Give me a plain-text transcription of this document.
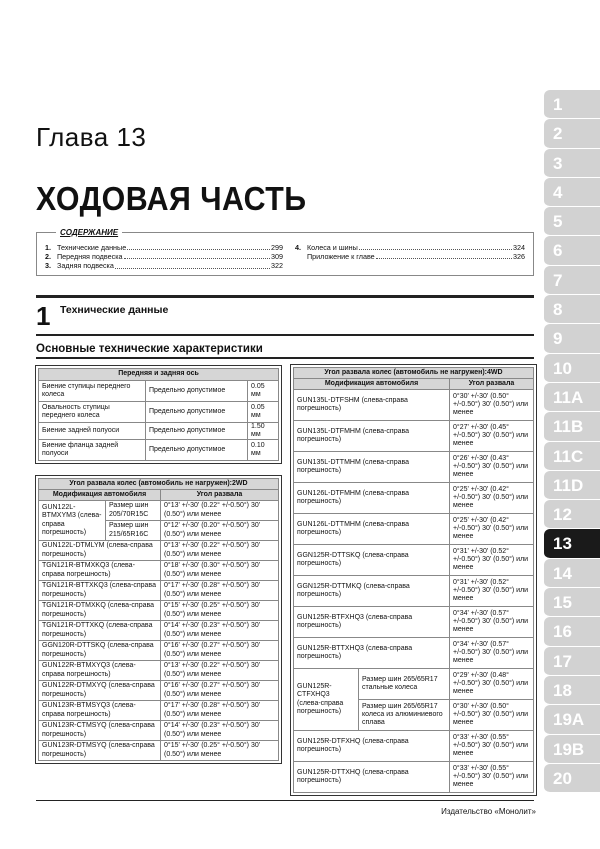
Глава 13
ХОДОВАЯ ЧАСТЬ
1. Технические данные	299
2. Передняя подвеска	309
3. Задняя подвеска	322
4. Колеса и шины	324
Приложение к главе	326
СОДЕРЖАНИЕ
1 Технические данные
Основные технические характеристики
Передняя и задняя ось		
Биение ступицы переднего колеса	Предельно допустимое	0.05 мм
Овальность ступицы переднего колеса	Предельно допустимое	0.05 мм
Биение задней полуоси	Предельно допустимое	1.50 мм
Биение фланца задней полуоси	Предельно допустимое	0.10 мм
Угол развала колес (автомобиль не нагружен):2WD		
Модификация автомобиля		Угол развала
GUN122L-BTMXYM3 (слева-справа погрешность)	Размер шин 205/70R15C	0°13' +/-30' (0.22° +/-0.50°) 30' (0.50°) или менее
	Размер шин 215/65R16C	0°12' +/-30' (0.20° +/-0.50°) 30' (0.50°) или менее
GUN122L-DTMLYM (слева-справа погрешность)		0°13' +/-30' (0.22° +/-0.50°) 30' (0.50°) или менее
TGN121R-BTMXKQ3 (слева-справа погрешность)		0°18' +/-30' (0.30° +/-0.50°) 30' (0.50°) или менее
TGN121R-BTTXKQ3 (слева-справа погрешность)		0°17' +/-30' (0.28° +/-0.50°) 30' (0.50°) или менее
TGN121R-DTMXKQ (слева-справа погрешность)		0°15' +/-30' (0.25° +/-0.50°) 30' (0.50°) или менее
TGN121R-DTTXKQ (слева-справа погрешность)		0°14' +/-30' (0.23° +/-0.50°) 30' (0.50°) или менее
GGN120R-DTTSKQ (слева-справа погрешность)		0°16' +/-30' (0.27° +/-0.50°) 30' (0.50°) или менее
GUN122R-BTMXYQ3 (слева-справа погрешность)		0°13' +/-30' (0.22° +/-0.50°) 30' (0.50°) или менее
GUN122R-DTMXYQ (слева-справа погрешность)		0°16' +/-30' (0.27° +/-0.50°) 30' (0.50°) или менее
GUN123R-BTMSYQ3 (слева-справа погрешность)		0°17' +/-30' (0.28° +/-0.50°) 30' (0.50°) или менее
GUN123R-CTMSYQ (слева-справа погрешность)		0°14' +/-30' (0.23° +/-0.50°) 30' (0.50°) или менее
GUN123R-DTMSYQ (слева-справа погрешность)		0°15' +/-30' (0.25° +/-0.50°) 30' (0.50°) или менее
Угол развала колес (автомобиль не нагружен):4WD		
Модификация автомобиля		Угол развала
GUN135L-DTFSHM (слева-справа погрешность)		0°30' +/-30' (0.50° +/-0.50°) 30' (0.50°) или менее
GUN135L-DTFMHM (слева-справа погрешность)		0°27' +/-30' (0.45° +/-0.50°) 30' (0.50°) или менее
GUN135L-DTTMHM (слева-справа погрешность)		0°26' +/-30' (0.43° +/-0.50°) 30' (0.50°) или менее
GUN126L-DTFMHM (слева-справа погрешность)		0°25' +/-30' (0.42° +/-0.50°) 30' (0.50°) или менее
GUN126L-DTTMHM (слева-справа погрешность)		0°25' +/-30' (0.42° +/-0.50°) 30' (0.50°) или менее
GGN125R-DTTSKQ (слева-справа погрешность)		0°31' +/-30' (0.52° +/-0.50°) 30' (0.50°) или менее
GGN125R-DTTMKQ (слева-справа погрешность)		0°31' +/-30' (0.52° +/-0.50°) 30' (0.50°) или менее
GUN125R-BTFXHQ3 (слева-справа погрешность)		0°34' +/-30' (0.57° +/-0.50°) 30' (0.50°) или менее
GUN125R-BTTXHQ3 (слева-справа погрешность)		0°34' +/-30' (0.57° +/-0.50°) 30' (0.50°) или менее
GUN125R-CTFXHQ3 (слева-справа погрешность)	Размер шин 265/65R17 стальные колеса	0°29' +/-30' (0.48° +/-0.50°) 30' (0.50°) или менее
	Размер шин 265/65R17 колеса из алюминиевого сплава	0°30' +/-30' (0.50° +/-0.50°) 30' (0.50°) или менее
GUN125R-DTFXHQ (слева-справа погрешность)		0°33' +/-30' (0.55° +/-0.50°) 30' (0.50°) или менее
GUN125R-DTTXHQ (слева-справа погрешность)		0°33' +/-30' (0.55° +/-0.50°) 30' (0.50°) или менее
1
2
3
4
5
6
7
8
9
10
11A
11B
11C
11D
12
13
14
15
16
17
18
19A
19B
20
Издательство «Монолит»
